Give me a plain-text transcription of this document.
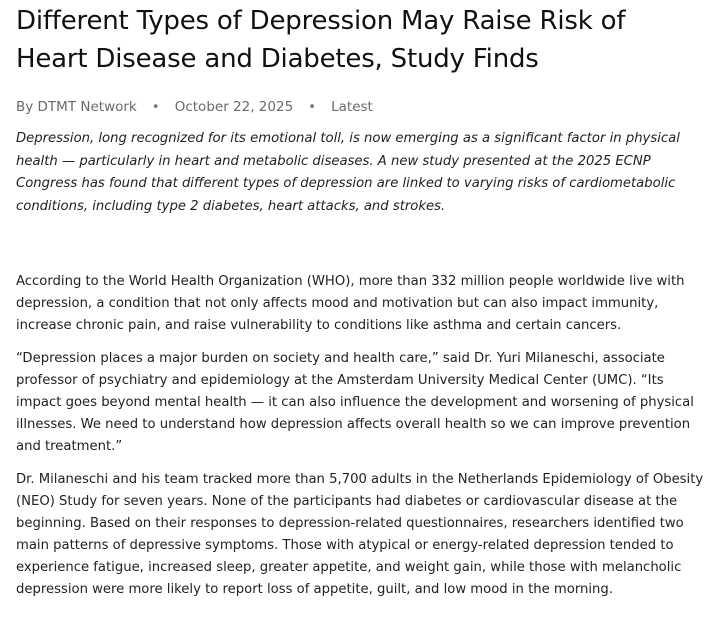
Different Types of Depression May Raise Risk of Heart Disease and Diabetes, Study Finds
By DTMT Network • October 22, 2025 • Latest

Depression, long recognized for its emotional toll, is now emerging as a significant factor in physical health — particularly in heart and metabolic diseases. A new study presented at the 2025 ECNP Congress has found that different types of depression are linked to varying risks of cardiometabolic conditions, including type 2 diabetes, heart attacks, and strokes.

According to the World Health Organization (WHO), more than 332 million people worldwide live with depression, a condition that not only affects mood and motivation but can also impact immunity, increase chronic pain, and raise vulnerability to conditions like asthma and certain cancers.

“Depression places a major burden on society and health care,” said Dr. Yuri Milaneschi, associate professor of psychiatry and epidemiology at the Amsterdam University Medical Center (UMC). “Its impact goes beyond mental health — it can also influence the development and worsening of physical illnesses. We need to understand how depression affects overall health so we can improve prevention and treatment.”

Dr. Milaneschi and his team tracked more than 5,700 adults in the Netherlands Epidemiology of Obesity (NEO) Study for seven years. None of the participants had diabetes or cardiovascular disease at the beginning. Based on their responses to depression-related questionnaires, researchers identified two main patterns of depressive symptoms. Those with atypical or energy-related depression tended to experience fatigue, increased sleep, greater appetite, and weight gain, while those with melancholic depression were more likely to report loss of appetite, guilt, and low mood in the morning.
